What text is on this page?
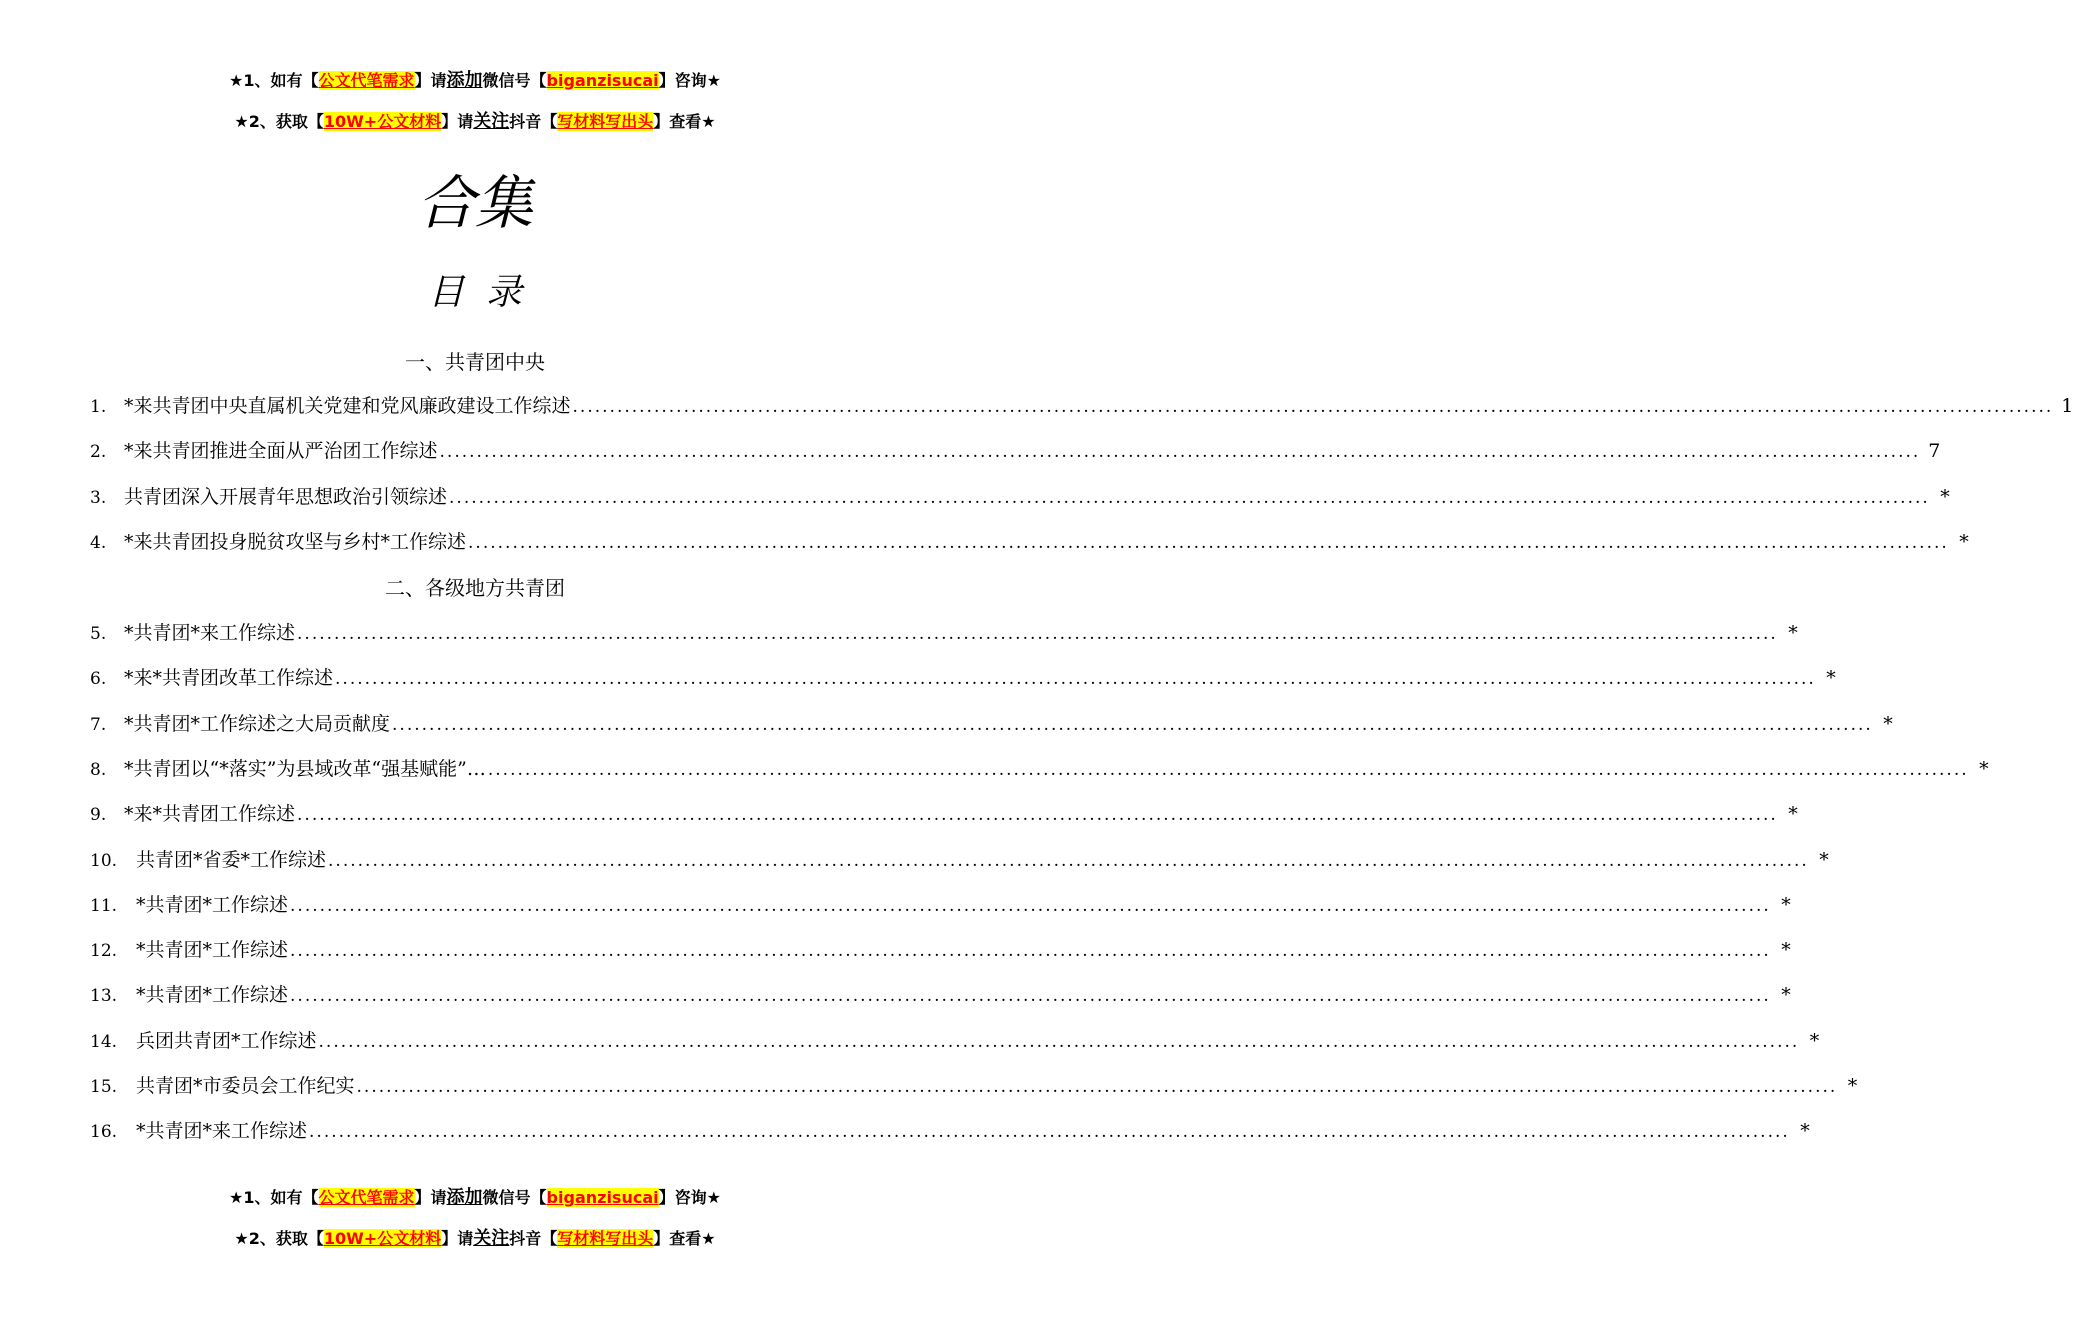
★1、如有【公文代笔需求】请添加微信号【biganzisucai】咨询★
★2、获取【10W+公文材料】请关注抖音【写材料写出头】查看★
合集
目录
一、共青团中央
二、各级地方共青团
1. *来共青团中央直属机关党建和党风廉政建设工作综述 ........................................................................................................................................................................................................ 1
2. *来共青团推进全面从严治团工作综述 ........................................................................................................................................................................................................ 7
3. 共青团深入开展青年思想政治引领综述 ........................................................................................................................................................................................................ *
4. *来共青团投身脱贫攻坚与乡村*工作综述 ........................................................................................................................................................................................................ *
5. *共青团*来工作综述 ........................................................................................................................................................................................................ *
6. *来*共青团改革工作综述 ........................................................................................................................................................................................................ *
7. *共青团*工作综述之大局贡献度 ........................................................................................................................................................................................................ *
8. *共青团以“*落实”为县域改革“强基赋能”… ........................................................................................................................................................................................................ *
9. *来*共青团工作综述 ........................................................................................................................................................................................................ *
10. 共青团*省委*工作综述 ........................................................................................................................................................................................................ *
11. *共青团*工作综述 ........................................................................................................................................................................................................ *
12. *共青团*工作综述 ........................................................................................................................................................................................................ *
13. *共青团*工作综述 ........................................................................................................................................................................................................ *
14. 兵团共青团*工作综述 ........................................................................................................................................................................................................ *
15. 共青团*市委员会工作纪实 ........................................................................................................................................................................................................ *
16. *共青团*来工作综述 ........................................................................................................................................................................................................ *
★1、如有【公文代笔需求】请添加微信号【biganzisucai】咨询★
★2、获取【10W+公文材料】请关注抖音【写材料写出头】查看★
